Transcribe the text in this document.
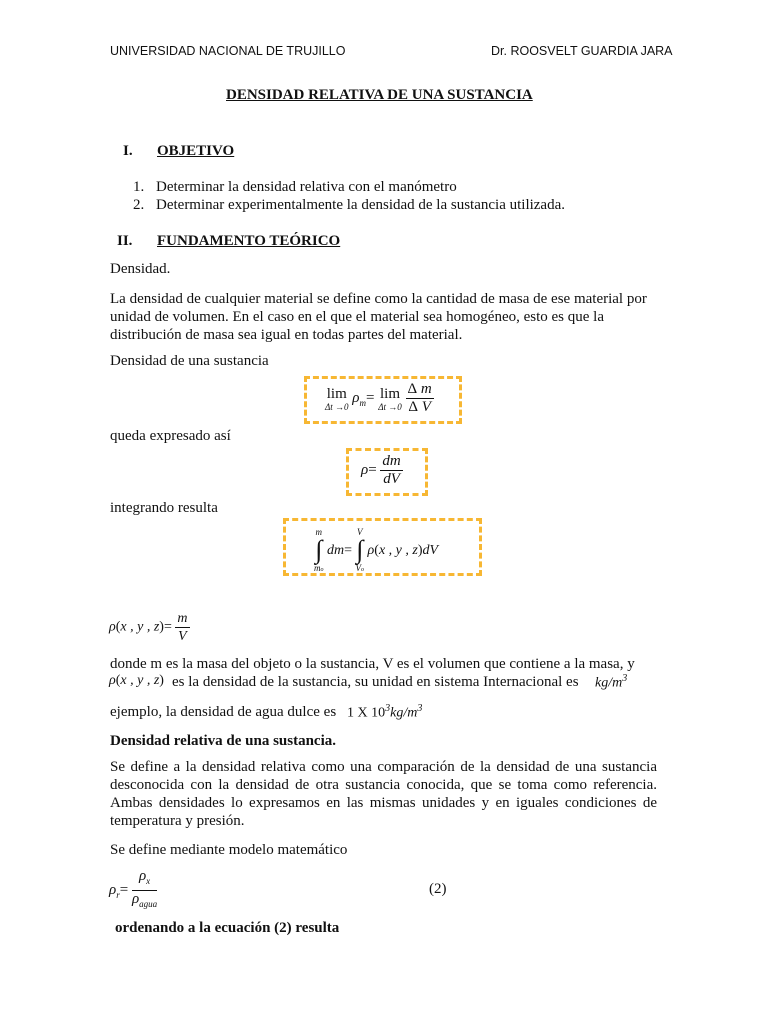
UNIVERSIDAD NACIONAL DE TRUJILLO	Dr. ROOSVELT GUARDIA JARA
DENSIDAD RELATIVA DE UNA SUSTANCIA
I. OBJETIVO
1. Determinar la densidad relativa con el manómetro
2. Determinar experimentalmente la densidad de la sustancia utilizada.
II. FUNDAMENTO TEÓRICO
Densidad.
La densidad de cualquier material se define como la cantidad de masa de ese material por unidad de volumen. En el caso en el que el material sea homogéneo, esto es que la distribución de masa sea igual en todas partes del material.
Densidad de una sustancia
lim
Δt →0
$\rho_m= \lim$
Δt →0
$\frac{\text{Δ m}}{\text{Δ V}}$
queda expresado así
$\rho= \frac{dm}{dV}$
integrando resulta
m
∫
mo
dm=
V
∫
Vo
ρ(x , y , z)dV
ρ(x , y , $z)= \frac{m}{V}$
donde m es la masa del objeto o la sustancia, V es el volumen que contiene a la masa, y
ρ(x , y , z) es la densidad de la sustancia, su unidad en sistema Internacional es $kg/m^3$
ejemplo, la densidad de agua dulce es 1 X $10^3kg/m^3$
Densidad relativa de una sustancia.
Se define a la densidad relativa como una comparación de la densidad de una sustancia desconocida con la densidad de otra sustancia conocida, que se toma como referencia. Ambas densidades lo expresamos en las mismas unidades y en iguales condiciones de temperatura y presión.
Se define mediante modelo matemático
$\rho_r= \frac{\rho_x}{\rho_{agua}}$	(2)
ordenando a la ecuación (2) resulta
